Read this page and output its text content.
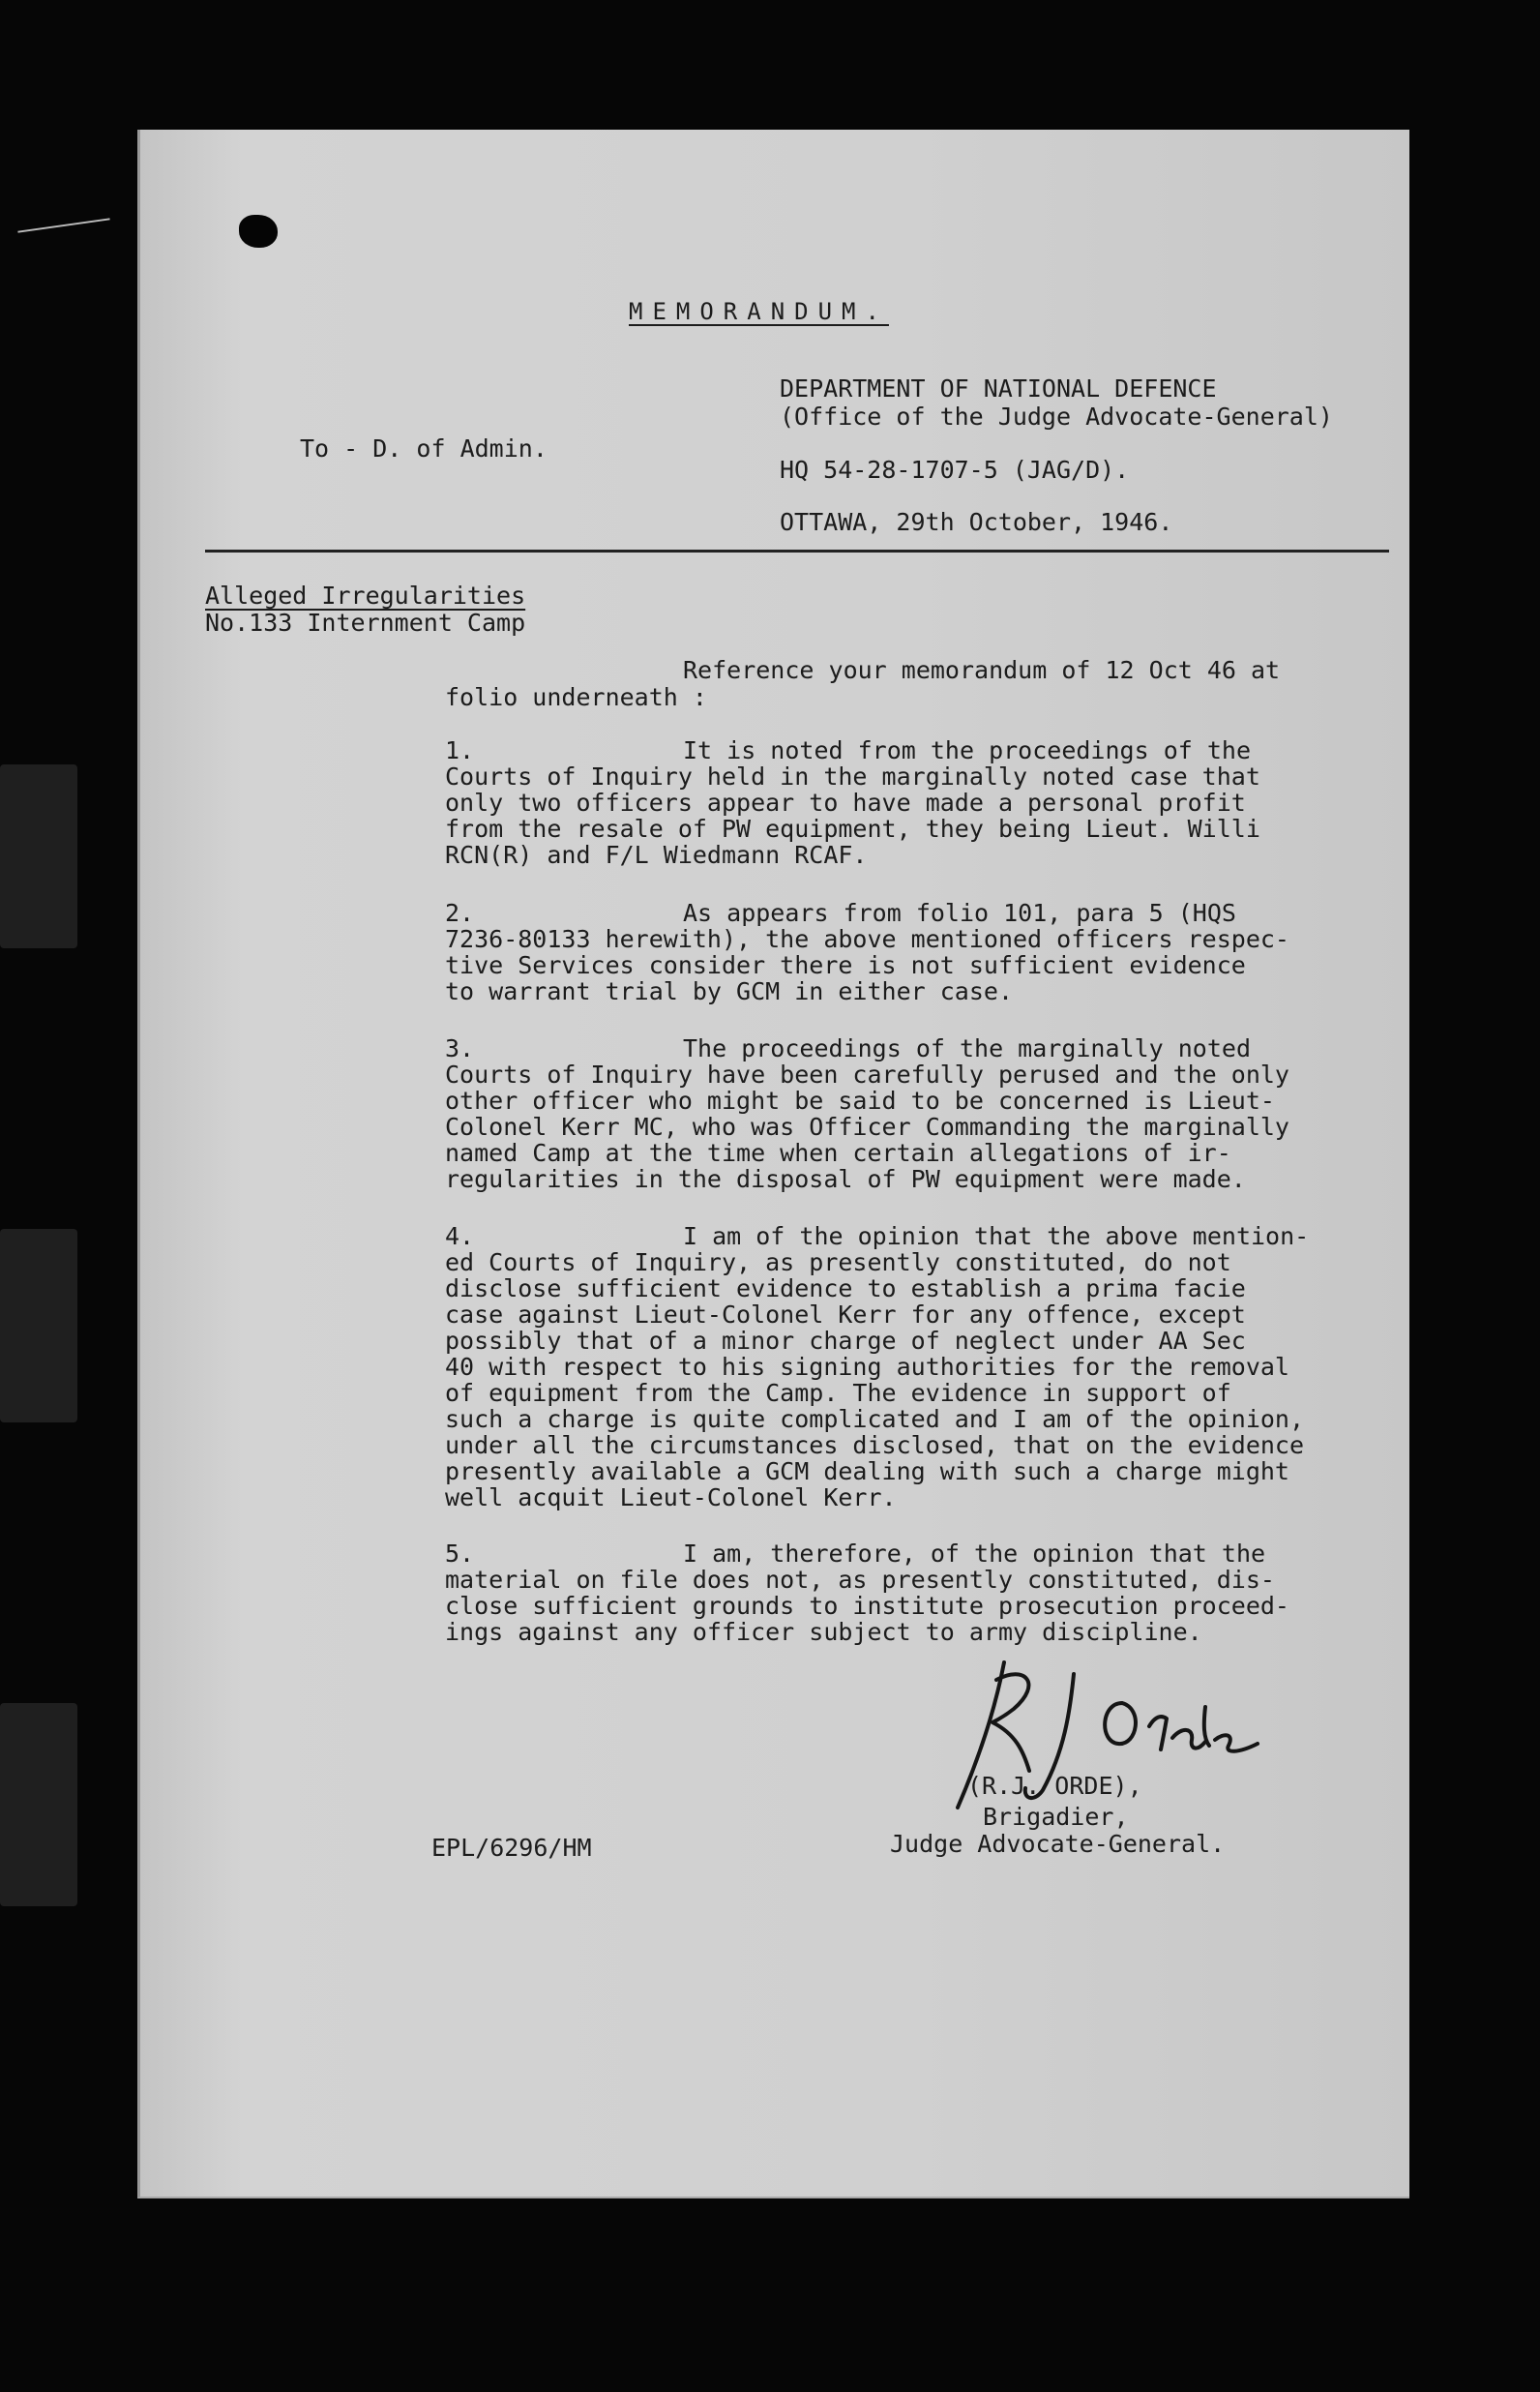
MEMORANDUM.
DEPARTMENT OF NATIONAL DEFENCE
(Office of the Judge Advocate-General)
To - D. of Admin.
HQ 54-28-1707-5 (JAG/D).
OTTAWA, 29th October, 1946.
Alleged Irregularities
No.133 Internment Camp
Reference your memorandum of 12 Oct 46 at
folio underneath :
1.	It is noted from the proceedings of the
Courts of Inquiry held in the marginally noted case that
only two officers appear to have made a personal profit
from the resale of PW equipment, they being Lieut. Willi
RCN(R) and F/L Wiedmann RCAF.
2.	As appears from folio 101, para 5 (HQS
7236-80133 herewith), the above mentioned officers respec-
tive Services consider there is not sufficient evidence
to warrant trial by GCM in either case.
3.	The proceedings of the marginally noted
Courts of Inquiry have been carefully perused and the only
other officer who might be said to be concerned is Lieut-
Colonel Kerr MC, who was Officer Commanding the marginally
named Camp at the time when certain allegations of ir-
regularities in the disposal of PW equipment were made.
4.	I am of the opinion that the above mention-
ed Courts of Inquiry, as presently constituted, do not
disclose sufficient evidence to establish a prima facie
case against Lieut-Colonel Kerr for any offence, except
possibly that of a minor charge of neglect under AA Sec
40 with respect to his signing authorities for the removal
of equipment from the Camp. The evidence in support of
such a charge is quite complicated and I am of the opinion,
under all the circumstances disclosed, that on the evidence
presently available a GCM dealing with such a charge might
well acquit Lieut-Colonel Kerr.
5.	I am, therefore, of the opinion that the
material on file does not, as presently constituted, dis-
close sufficient grounds to institute prosecution proceed-
ings against any officer subject to army discipline.
(R.J. ORDE),
Brigadier,
Judge Advocate-General.
EPL/6296/HM
